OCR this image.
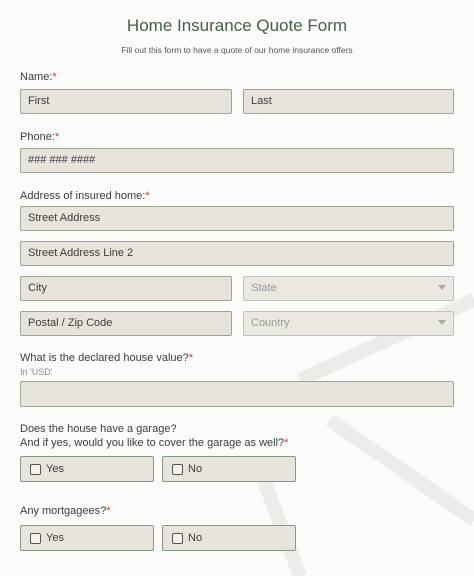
Home Insurance Quote Form
Fill out this form to have a quote of our home insurance offers
Name:*
First	Last
Phone:*
### ### ####
Address of insured home:*
Street Address
Street Address Line 2
City	State
Postal / Zip Code	Country
What is the declared house value?*
In 'USD'
Does the house have a garage?
And if yes, would you like to cover the garage as well?*
Yes	No
Any mortgagees?*
Yes	No
